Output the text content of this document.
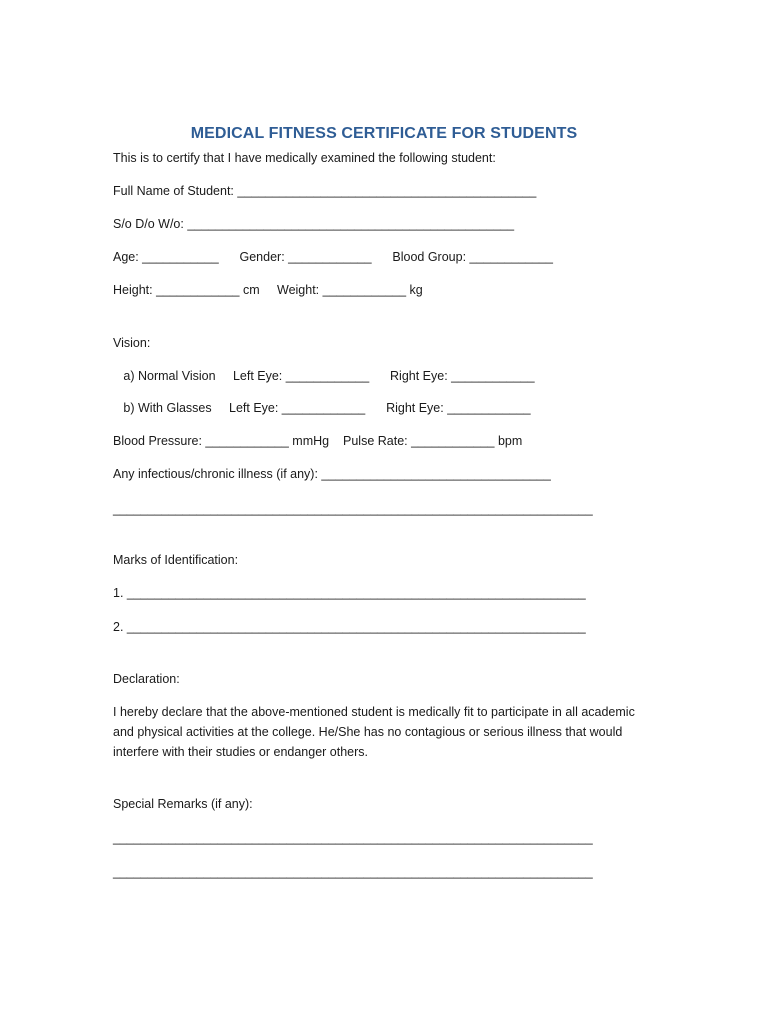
MEDICAL FITNESS CERTIFICATE FOR STUDENTS
This is to certify that I have medically examined the following student:
Full Name of Student: ___________________________________________
S/o D/o W/o: _______________________________________________
Age: ___________      Gender: ____________      Blood Group: ____________
Height: ____________ cm     Weight: ____________ kg
Vision:
a) Normal Vision     Left Eye: ____________      Right Eye: ____________
b) With Glasses     Left Eye: ____________      Right Eye: ____________
Blood Pressure: ____________ mmHg    Pulse Rate: ____________ bpm
Any infectious/chronic illness (if any): _________________________________
_____________________________________________________________________
Marks of Identification:
1. __________________________________________________________________
2. __________________________________________________________________
Declaration:
I hereby declare that the above-mentioned student is medically fit to participate in all academic and physical activities at the college. He/She has no contagious or serious illness that would interfere with their studies or endanger others.
Special Remarks (if any):
_____________________________________________________________________
_____________________________________________________________________
